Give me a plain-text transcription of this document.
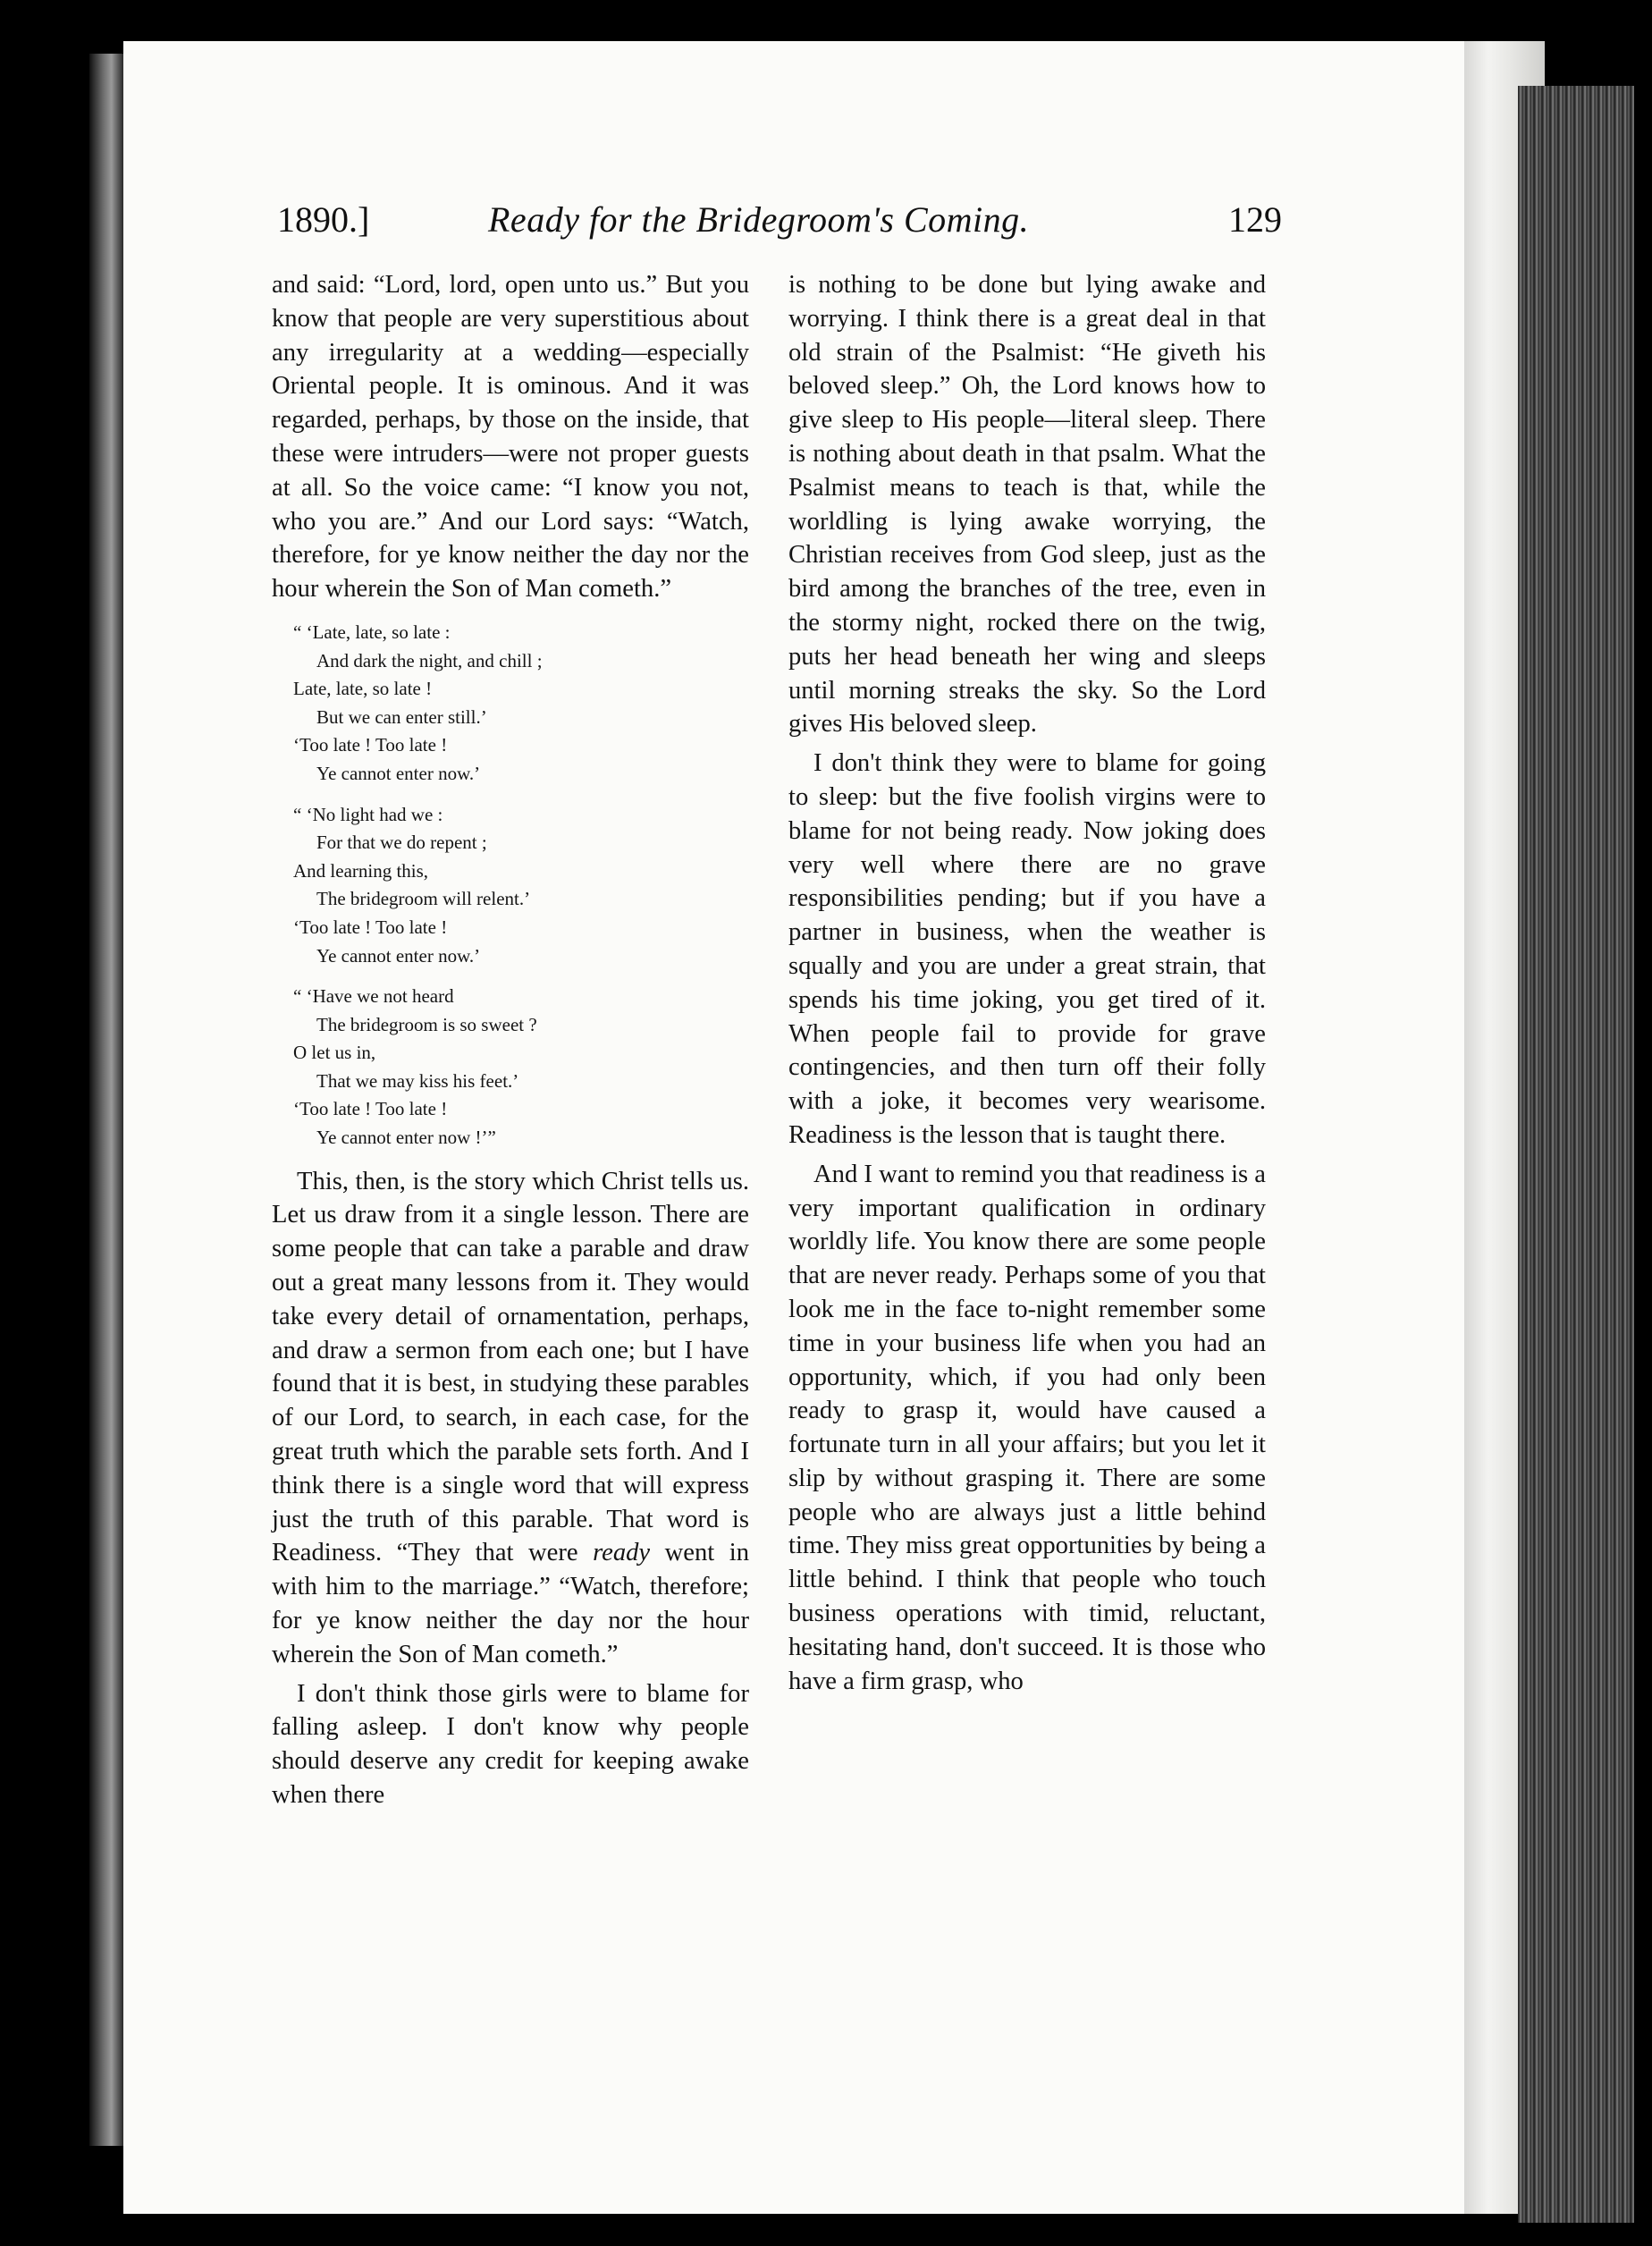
1890.]	Ready for the Bridegroom's Coming.	129

and said: “Lord, lord, open unto us.” But you know that people are very superstitious about any irregularity at a wedding—especially Oriental people. It is ominous. And it was regarded, perhaps, by those on the inside, that these were intruders—were not proper guests at all. So the voice came: “I know you not, who you are.” And our Lord says: “Watch, therefore, for ye know neither the day nor the hour wherein the Son of Man cometh.”

“ ‘Late, late, so late :
And dark the night, and chill ;
Late, late, so late !
But we can enter still.’
‘Too late ! Too late !
Ye cannot enter now.’
“ ‘No light had we :
For that we do repent ;
And learning this,
The bridegroom will relent.’
‘Too late ! Too late !
Ye cannot enter now.’
“ ‘Have we not heard
The bridegroom is so sweet ?
O let us in,
That we may kiss his feet.’
‘Too late ! Too late !
Ye cannot enter now !’”

This, then, is the story which Christ tells us. Let us draw from it a single lesson. There are some people that can take a parable and draw out a great many lessons from it. They would take every detail of ornamentation, perhaps, and draw a sermon from each one; but I have found that it is best, in studying these parables of our Lord, to search, in each case, for the great truth which the parable sets forth. And I think there is a single word that will express just the truth of this parable. That word is Readiness. “They that were ready went in with him to the marriage.” “Watch, therefore; for ye know neither the day nor the hour wherein the Son of Man cometh.”

I don't think those girls were to blame for falling asleep. I don't know why people should deserve any credit for keeping awake when there

is nothing to be done but lying awake and worrying. I think there is a great deal in that old strain of the Psalmist: “He giveth his beloved sleep.” Oh, the Lord knows how to give sleep to His people—literal sleep. There is nothing about death in that psalm. What the Psalmist means to teach is that, while the worldling is lying awake worrying, the Christian receives from God sleep, just as the bird among the branches of the tree, even in the stormy night, rocked there on the twig, puts her head beneath her wing and sleeps until morning streaks the sky. So the Lord gives His beloved sleep.

I don't think they were to blame for going to sleep: but the five foolish virgins were to blame for not being ready. Now joking does very well where there are no grave responsibilities pending; but if you have a partner in business, when the weather is squally and you are under a great strain, that spends his time joking, you get tired of it. When people fail to provide for grave contingencies, and then turn off their folly with a joke, it becomes very wearisome. Readiness is the lesson that is taught there.

And I want to remind you that readiness is a very important qualification in ordinary worldly life. You know there are some people that are never ready. Perhaps some of you that look me in the face to-night remember some time in your business life when you had an opportunity, which, if you had only been ready to grasp it, would have caused a fortunate turn in all your affairs; but you let it slip by without grasping it. There are some people who are always just a little behind time. They miss great opportunities by being a little behind. I think that people who touch business operations with timid, reluctant, hesitating hand, don't succeed. It is those who have a firm grasp, who
